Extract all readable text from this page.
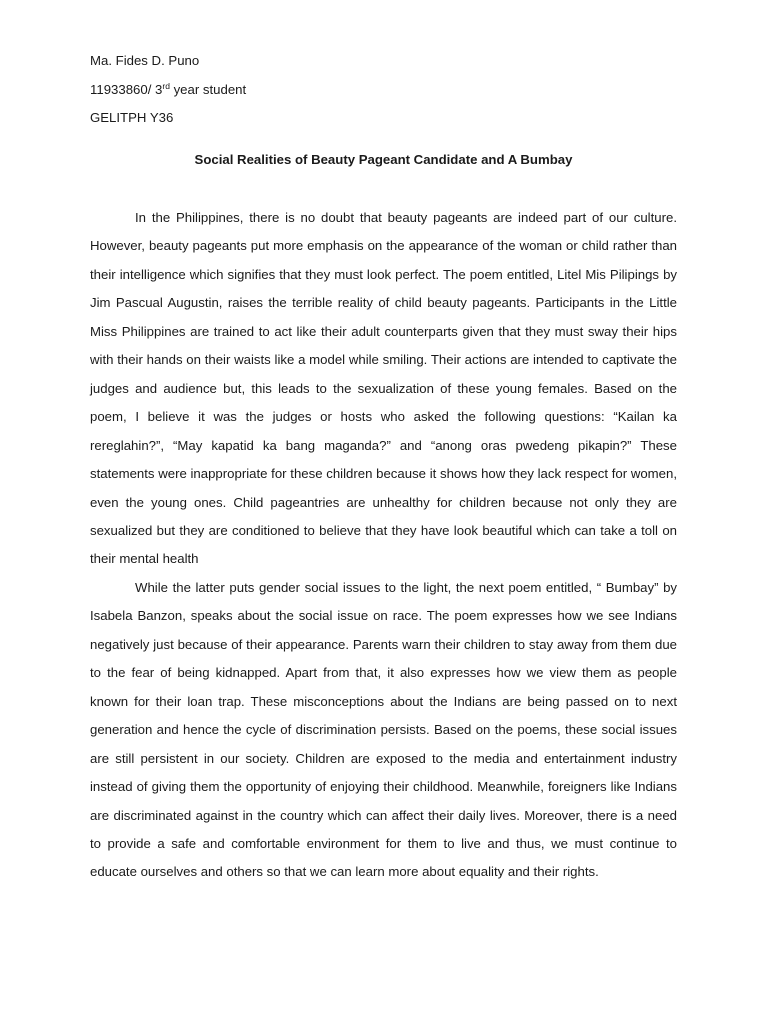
Ma. Fides D. Puno
11933860/ 3rd year student
GELITPH Y36
Social Realities of Beauty Pageant Candidate and A Bumbay

In the Philippines, there is no doubt that beauty pageants are indeed part of our culture. However, beauty pageants put more emphasis on the appearance of the woman or child rather than their intelligence which signifies that they must look perfect. The poem entitled, Litel Mis Pilipings by Jim Pascual Augustin, raises the terrible reality of child beauty pageants. Participants in the Little Miss Philippines are trained to act like their adult counterparts given that they must sway their hips with their hands on their waists like a model while smiling. Their actions are intended to captivate the judges and audience but, this leads to the sexualization of these young females. Based on the poem, I believe it was the judges or hosts who asked the following questions: “Kailan ka rereglahin?”, “May kapatid ka bang maganda?” and “anong oras pwedeng pikapin?” These statements were inappropriate for these children because it shows how they lack respect for women, even the young ones. Child pageantries are unhealthy for children because not only they are sexualized but they are conditioned to believe that they have look beautiful which can take a toll on their mental health

While the latter puts gender social issues to the light, the next poem entitled, “ Bumbay” by Isabela Banzon, speaks about the social issue on race. The poem expresses how we see Indians negatively just because of their appearance. Parents warn their children to stay away from them due to the fear of being kidnapped. Apart from that, it also expresses how we view them as people known for their loan trap. These misconceptions about the Indians are being passed on to next generation and hence the cycle of discrimination persists. Based on the poems, these social issues are still persistent in our society. Children are exposed to the media and entertainment industry instead of giving them the opportunity of enjoying their childhood. Meanwhile, foreigners like Indians are discriminated against in the country which can affect their daily lives. Moreover, there is a need to provide a safe and comfortable environment for them to live and thus, we must continue to educate ourselves and others so that we can learn more about equality and their rights.
